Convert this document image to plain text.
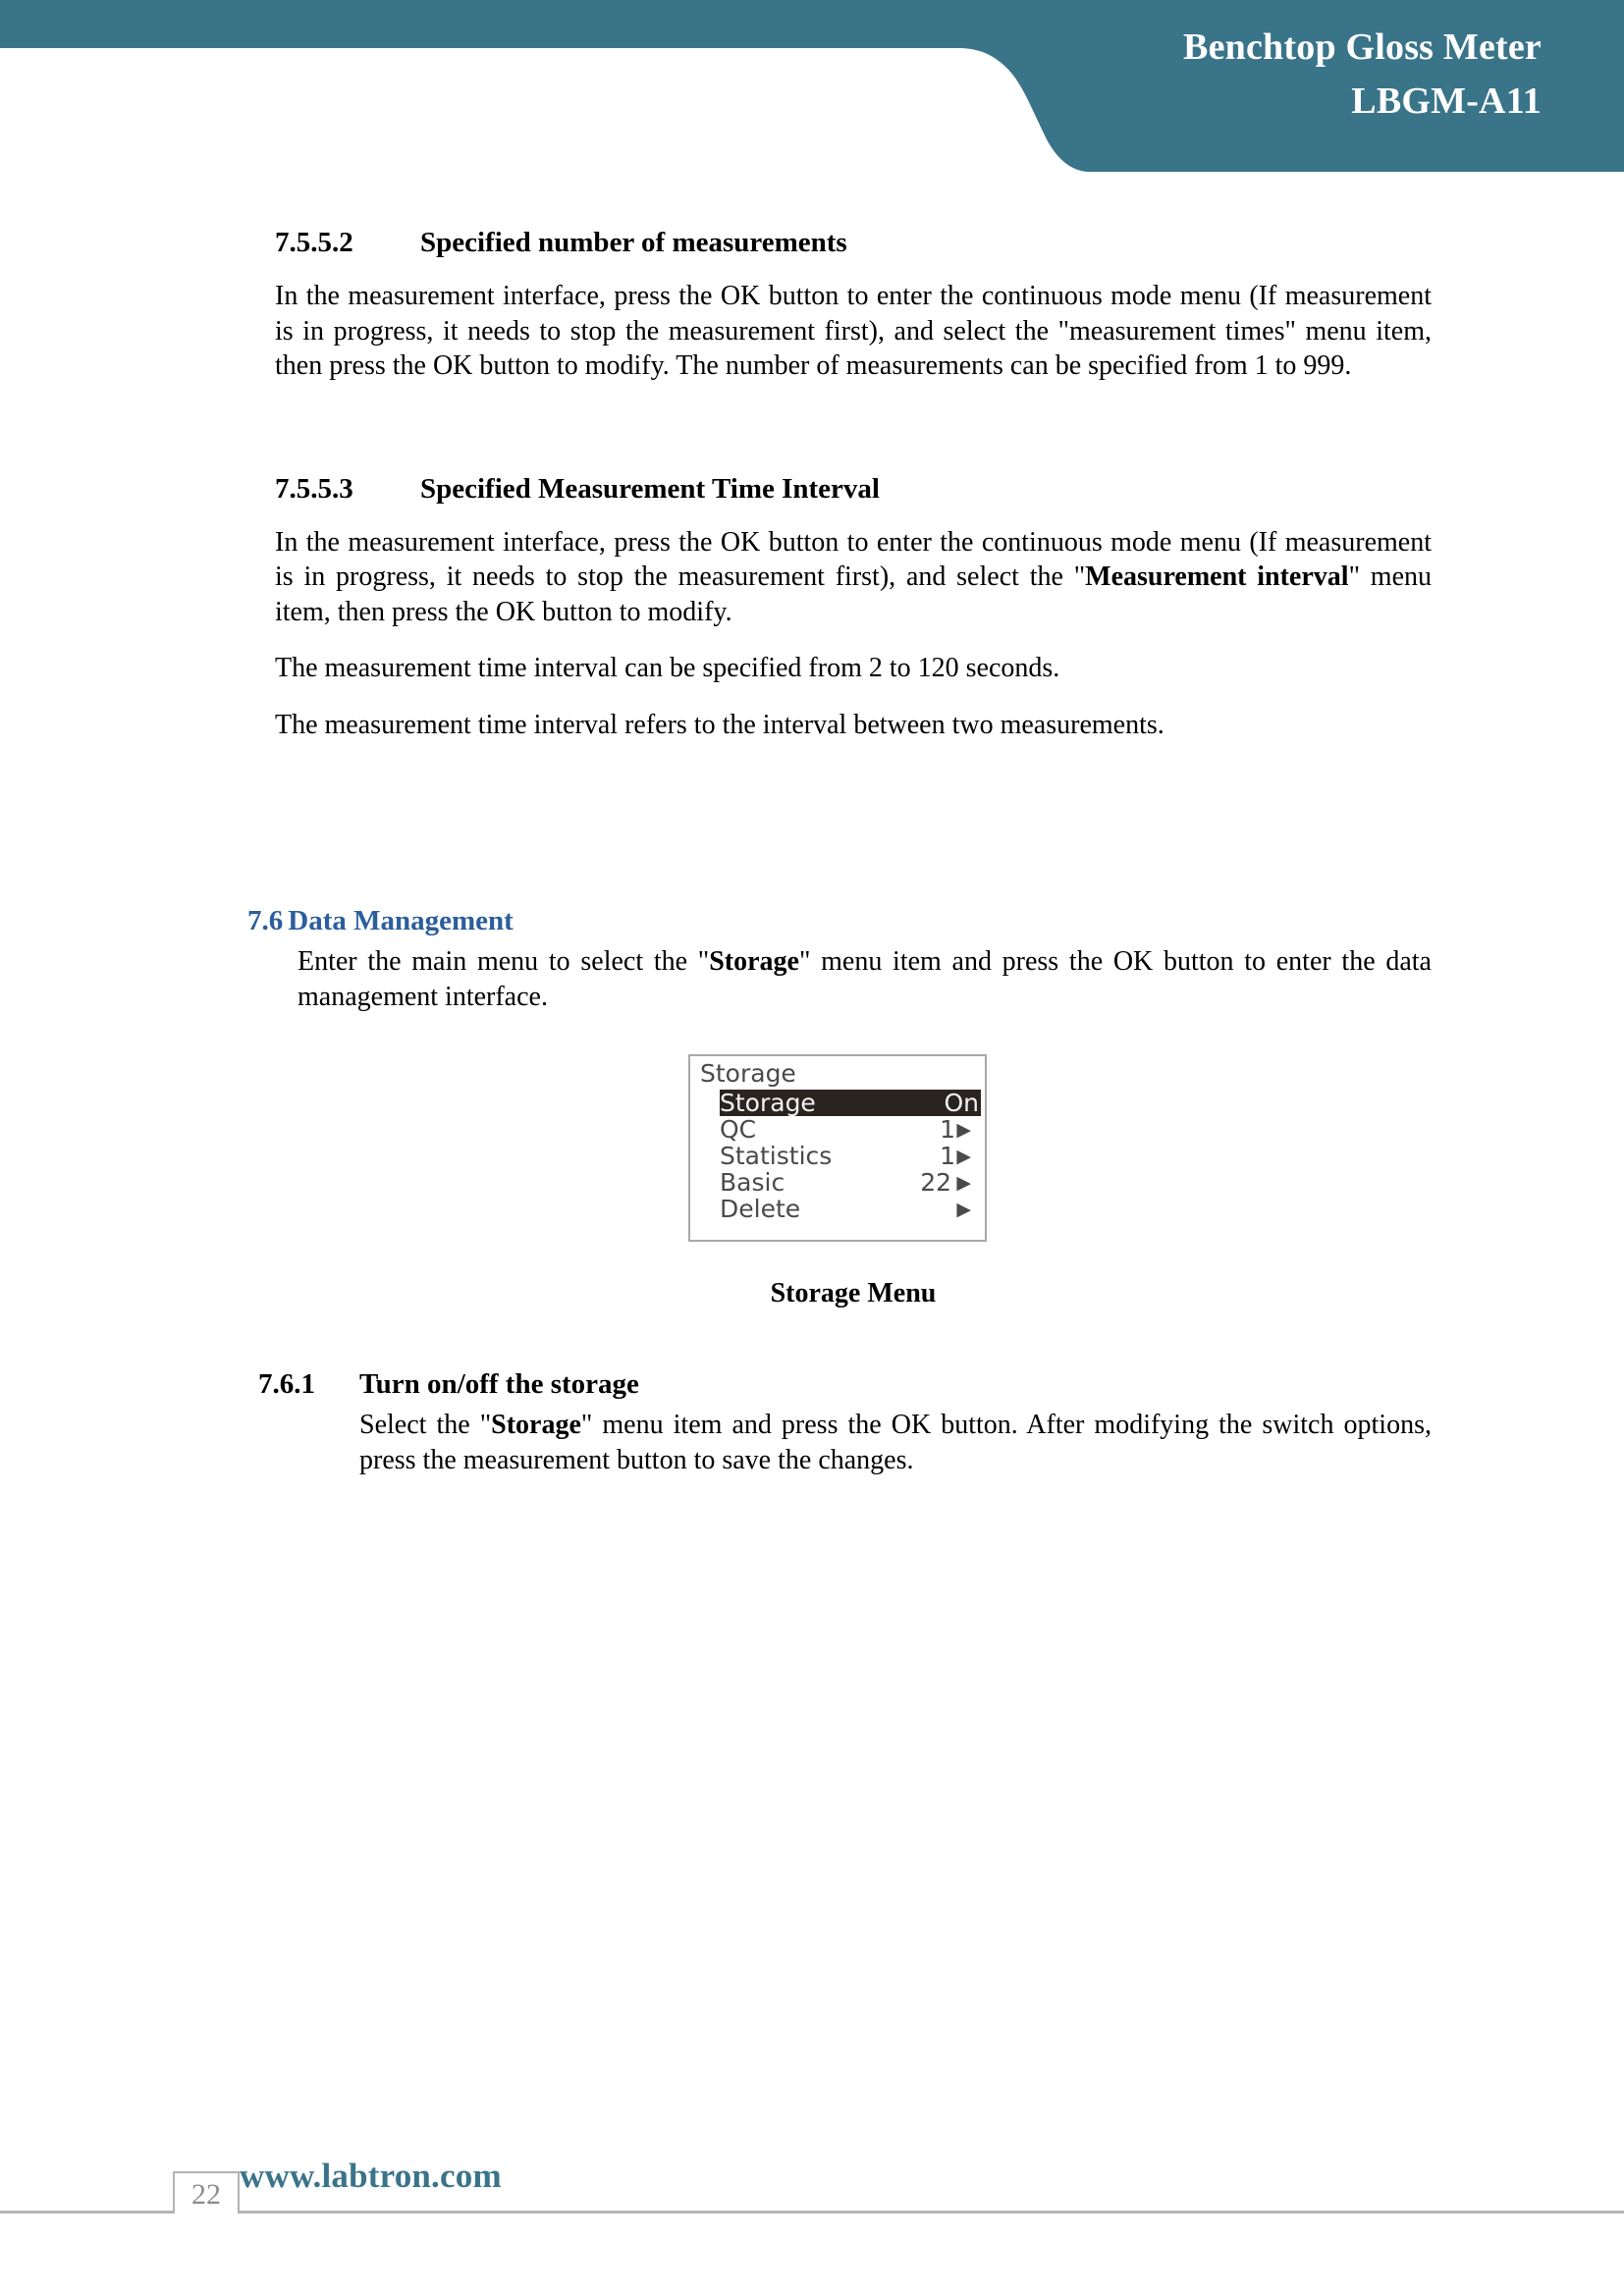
Benchtop Gloss Meter
LBGM-A11
7.5.5.2	Specified number of measurements

In the measurement interface, press the OK button to enter the continuous mode menu (If measurement is in progress, it needs to stop the measurement first), and select the "measurement times" menu item, then press the OK button to modify. The number of measurements can be specified from 1 to 999.

7.5.5.3	Specified Measurement Time Interval

In the measurement interface, press the OK button to enter the continuous mode menu (If measurement is in progress, it needs to stop the measurement first), and select the "Measurement interval" menu item, then press the OK button to modify.

The measurement time interval can be specified from 2 to 120 seconds.

The measurement time interval refers to the interval between two measurements.

7.6 Data Management

Enter the main menu to select the "Storage" menu item and press the OK button to enter the data management interface.

Storage
Storage	On
QC	1 ▶
Statistics	1 ▶
Basic	22 ▶
Delete	▶
Storage Menu
7.6.1	Turn on/off the storage

Select the "Storage" menu item and press the OK button. After modifying the switch options, press the measurement button to save the changes.

22 www.labtron.com
